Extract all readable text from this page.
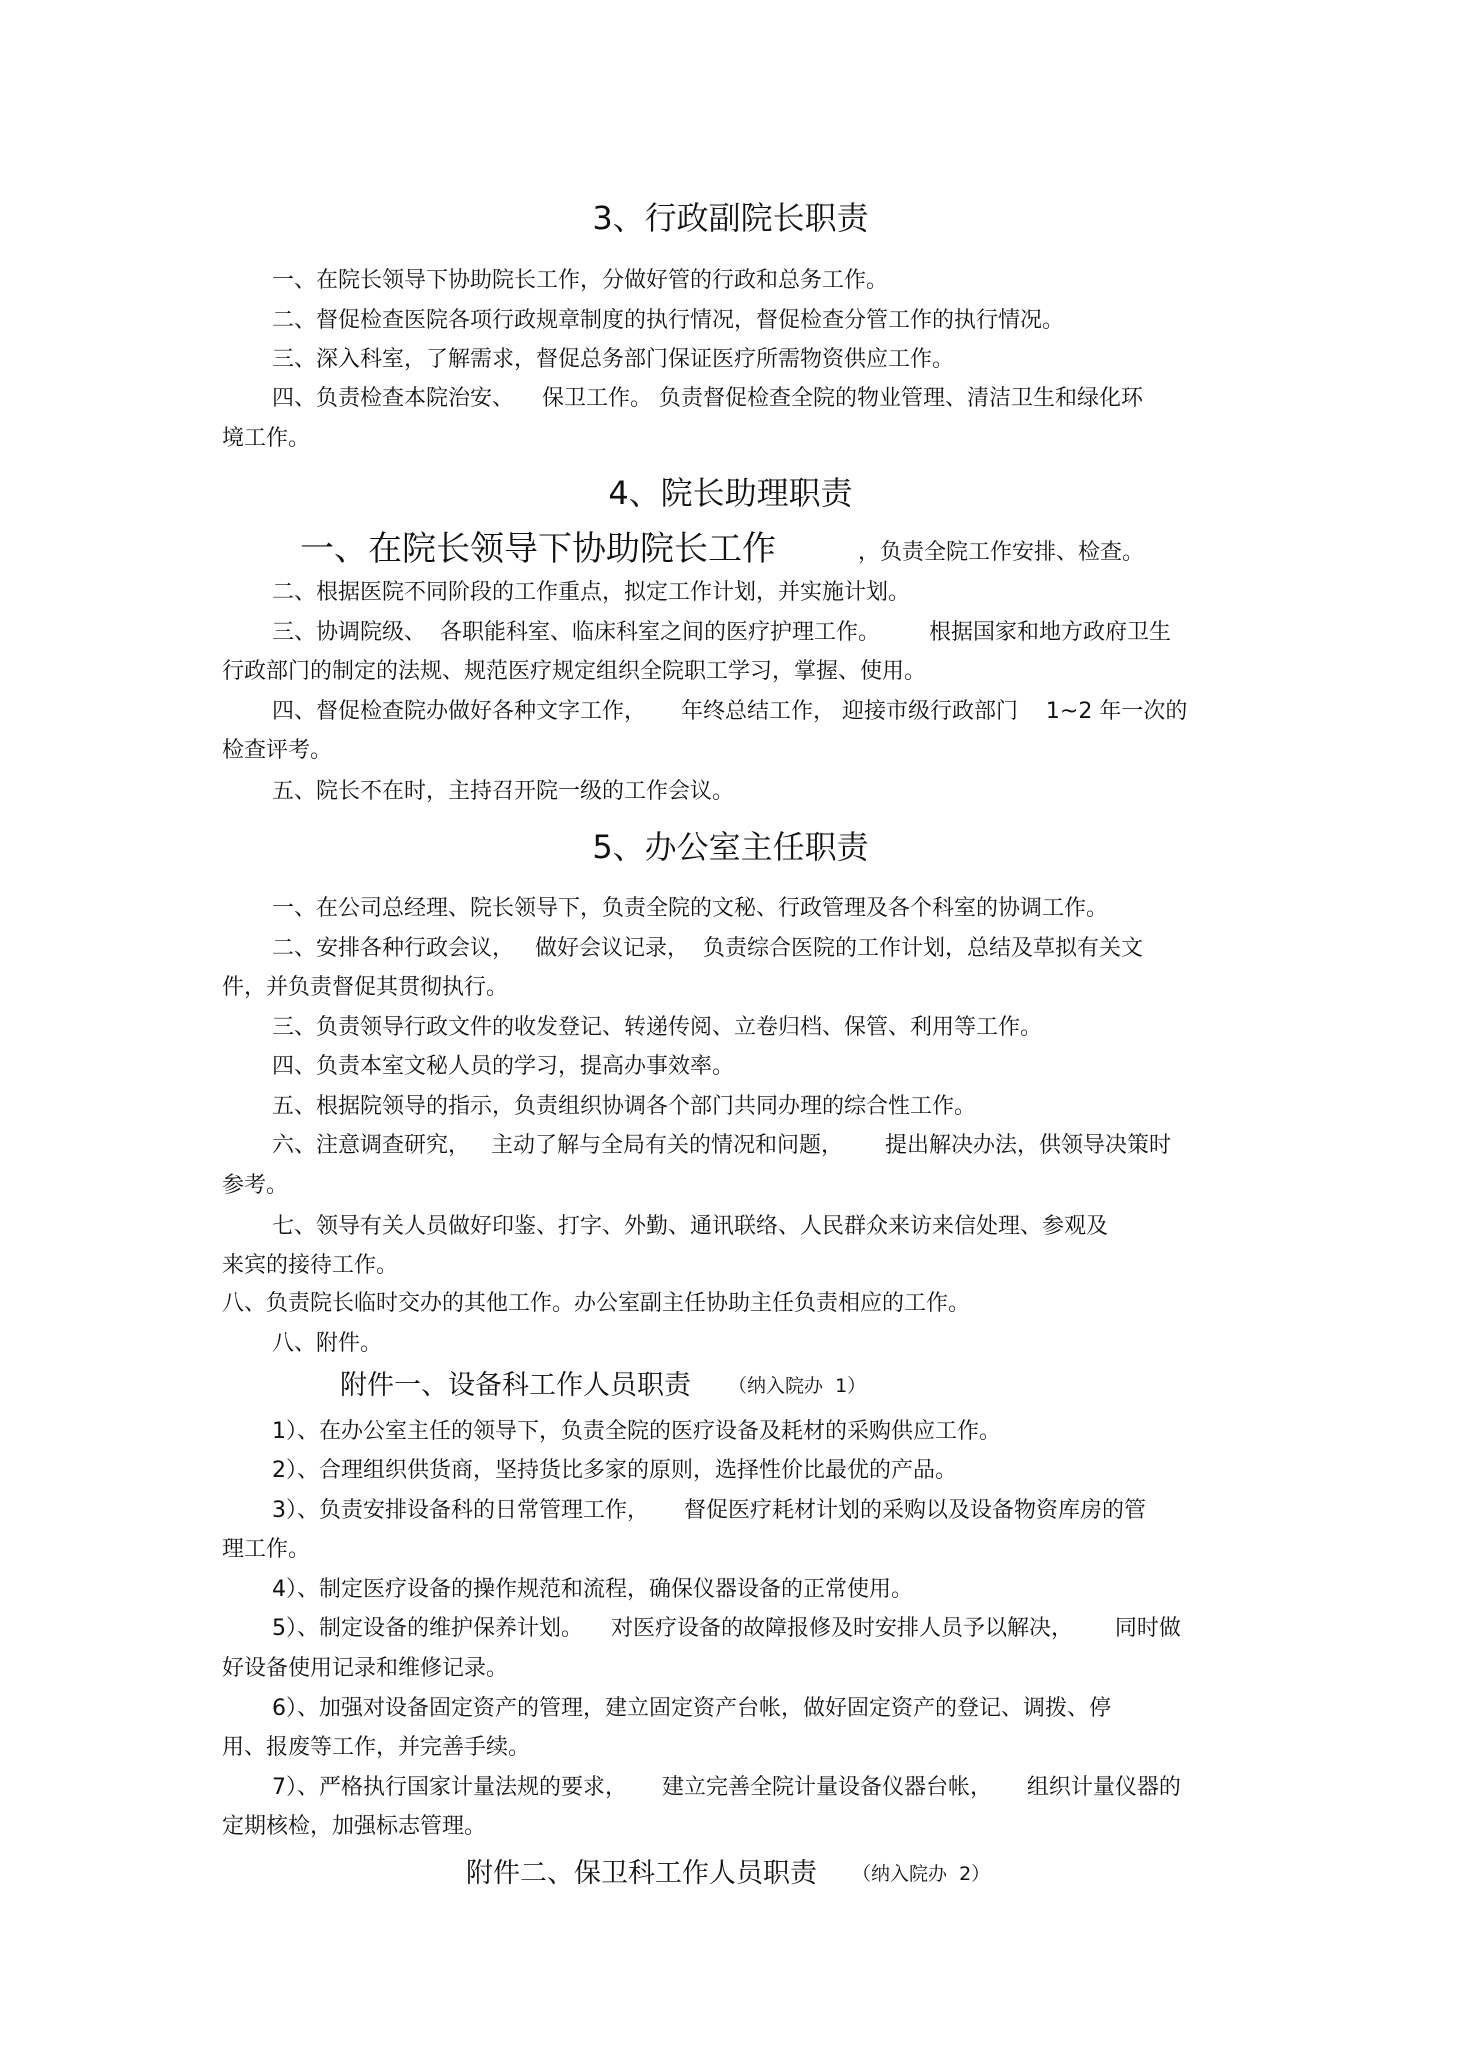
3、行政副院长职责
一、在院长领导下协助院长工作，分做好管的行政和总务工作。
二、督促检查医院各项行政规章制度的执行情况，督促检查分管工作的执行情况。
三、深入科室，了解需求，督促总务部门保证医疗所需物资供应工作。
四、负责检查本院治安、    保卫工作。 负责督促检查全院的物业管理、清洁卫生和绿化环
境工作。
4、院长助理职责
一、在院长领导下协助院长工作	，负责全院工作安排、检查。
二、根据医院不同阶段的工作重点，拟定工作计划，并实施计划。
三、协调院级、  各职能科室、临床科室之间的医疗护理工作。       根据国家和地方政府卫生
行政部门的制定的法规、规范医疗规定组织全院职工学习，掌握、使用。
四、督促检查院办做好各种文字工作，     年终总结工作， 迎接市级行政部门    1~2 年一次的
检查评考。
五、院长不在时，主持召开院一级的工作会议。
5、办公室主任职责
一、在公司总经理、院长领导下，负责全院的文秘、行政管理及各个科室的协调工作。
二、安排各种行政会议，   做好会议记录，  负责综合医院的工作计划，总结及草拟有关文
件，并负责督促其贯彻执行。
三、负责领导行政文件的收发登记、转递传阅、立卷归档、保管、利用等工作。
四、负责本室文秘人员的学习，提高办事效率。
五、根据院领导的指示，负责组织协调各个部门共同办理的综合性工作。
六、注意调查研究，   主动了解与全局有关的情况和问题，      提出解决办法，供领导决策时
参考。
七、领导有关人员做好印鉴、打字、外勤、通讯联络、人民群众来访来信处理、参观及
来宾的接待工作。
八、负责院长临时交办的其他工作。办公室副主任协助主任负责相应的工作。
八、附件。
附件一、设备科工作人员职责 （纳入院办  1）
1）、在办公室主任的领导下，负责全院的医疗设备及耗材的采购供应工作。
2）、合理组织供货商，坚持货比多家的原则，选择性价比最优的产品。
3）、负责安排设备科的日常管理工作，     督促医疗耗材计划的采购以及设备物资库房的管
理工作。
4）、制定医疗设备的操作规范和流程，确保仪器设备的正常使用。
5）、制定设备的维护保养计划。    对医疗设备的故障报修及时安排人员予以解决，      同时做
好设备使用记录和维修记录。
6）、加强对设备固定资产的管理，建立固定资产台帐，做好固定资产的登记、调拨、停
用、报废等工作，并完善手续。
7）、严格执行国家计量法规的要求，     建立完善全院计量设备仪器台帐，     组织计量仪器的
定期核检，加强标志管理。
附件二、保卫科工作人员职责 （纳入院办  2）
